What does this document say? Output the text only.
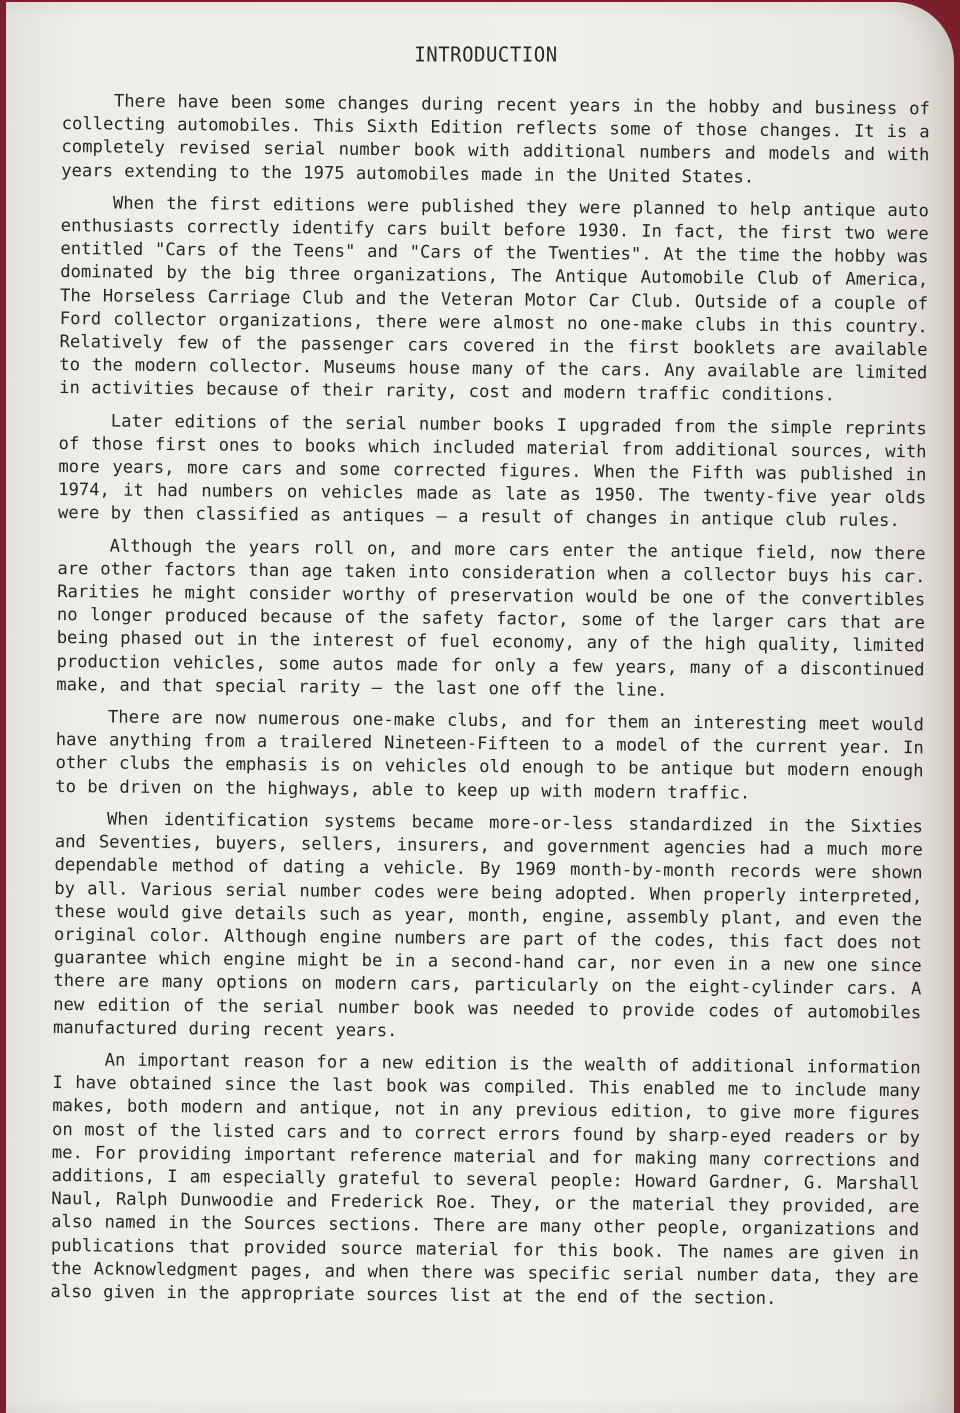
INTRODUCTION

There have been some changes during recent years in the hobby and business of collecting automobiles. This Sixth Edition reflects some of those changes. It is a completely revised serial number book with additional numbers and models and with years extending to the 1975 automobiles made in the United States.

When the first editions were published they were planned to help antique auto enthusiasts correctly identify cars built before 1930. In fact, the first two were entitled "Cars of the Teens" and "Cars of the Twenties". At the time the hobby was dominated by the big three organizations, The Antique Automobile Club of America, The Horseless Carriage Club and the Veteran Motor Car Club. Outside of a couple of Ford collector organizations, there were almost no one-make clubs in this country. Relatively few of the passenger cars covered in the first booklets are available to the modern collector. Museums house many of the cars. Any available are limited in activities because of their rarity, cost and modern traffic conditions.

Later editions of the serial number books I upgraded from the simple reprints of those first ones to books which included material from additional sources, with more years, more cars and some corrected figures. When the Fifth was published in 1974, it had numbers on vehicles made as late as 1950. The twenty-five year olds were by then classified as antiques — a result of changes in antique club rules.

Although the years roll on, and more cars enter the antique field, now there are other factors than age taken into consideration when a collector buys his car. Rarities he might consider worthy of preservation would be one of the convertibles no longer produced because of the safety factor, some of the larger cars that are being phased out in the interest of fuel economy, any of the high quality, limited production vehicles, some autos made for only a few years, many of a discontinued make, and that special rarity — the last one off the line.

There are now numerous one-make clubs, and for them an interesting meet would have anything from a trailered Nineteen-Fifteen to a model of the current year. In other clubs the emphasis is on vehicles old enough to be antique but modern enough to be driven on the highways, able to keep up with modern traffic.

When identification systems became more-or-less standardized in the Sixties and Seventies, buyers, sellers, insurers, and government agencies had a much more dependable method of dating a vehicle. By 1969 month-by-month records were shown by all. Various serial number codes were being adopted. When properly interpreted, these would give details such as year, month, engine, assembly plant, and even the original color. Although engine numbers are part of the codes, this fact does not guarantee which engine might be in a second-hand car, nor even in a new one since there are many options on modern cars, particularly on the eight-cylinder cars. A new edition of the serial number book was needed to provide codes of automobiles manufactured during recent years.

An important reason for a new edition is the wealth of additional information I have obtained since the last book was compiled. This enabled me to include many makes, both modern and antique, not in any previous edition, to give more figures on most of the listed cars and to correct errors found by sharp-eyed readers or by me. For providing important reference material and for making many corrections and additions, I am especially grateful to several people: Howard Gardner, G. Marshall Naul, Ralph Dunwoodie and Frederick Roe. They, or the material they provided, are also named in the Sources sections. There are many other people, organizations and publications that provided source material for this book. The names are given in the Acknowledgment pages, and when there was specific serial number data, they are also given in the appropriate sources list at the end of the section.
